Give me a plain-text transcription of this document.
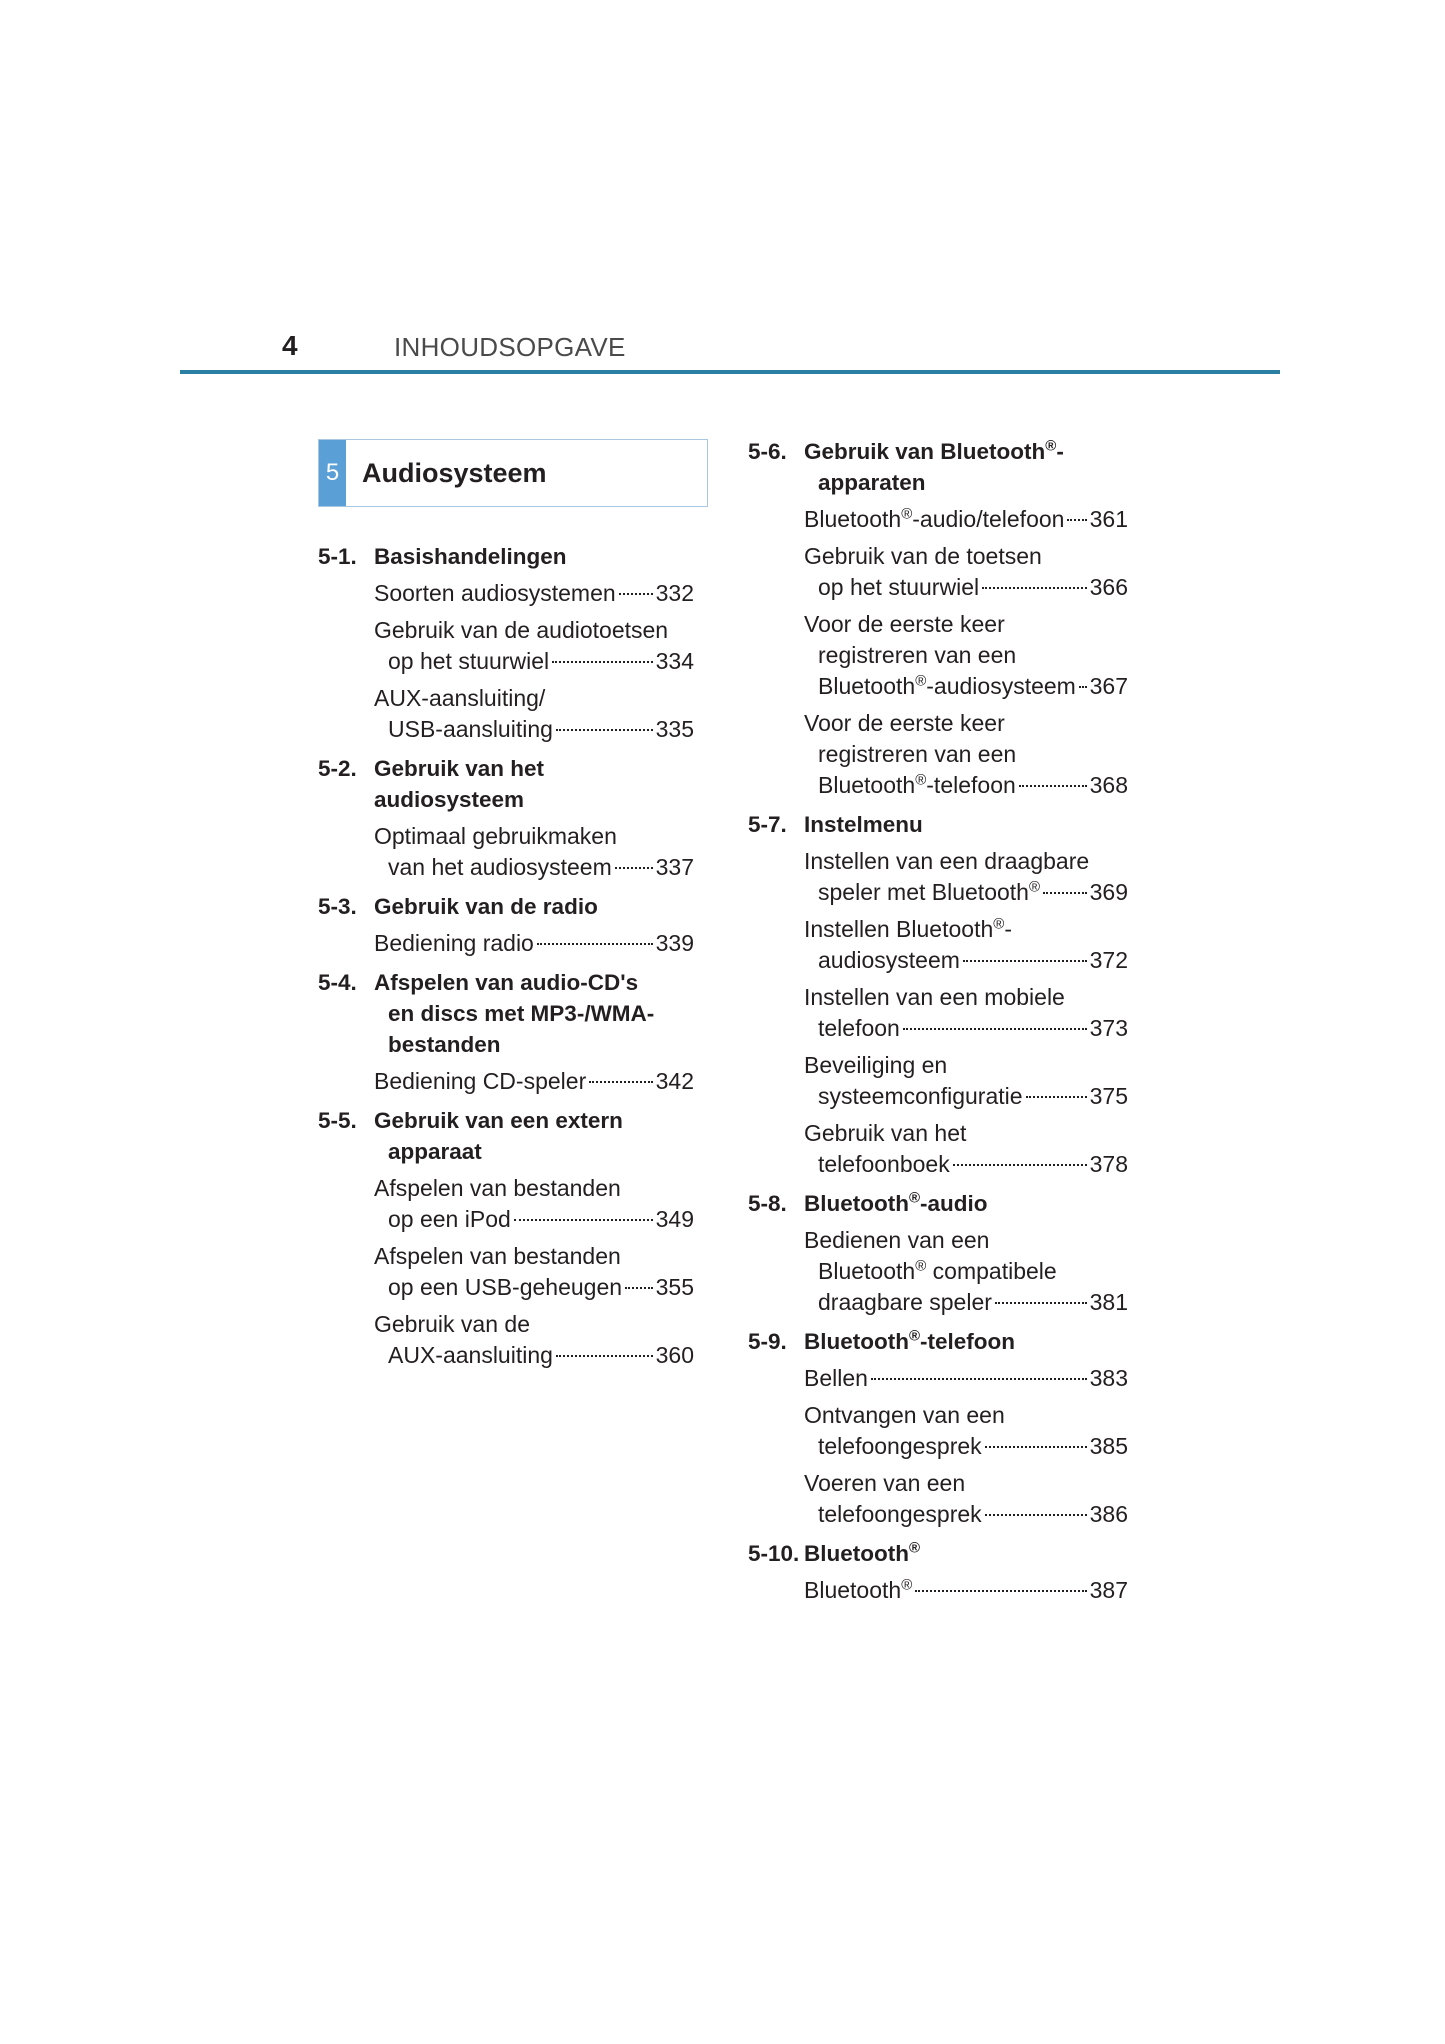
4	INHOUDSOPGAVE
5 Audiosysteem
5-1. Basishandelingen
Soorten audiosystemen 332
Gebruik van de audiotoetsen
op het stuurwiel	334
AUX-aansluiting/
USB-aansluiting	335
5-2. Gebruik van het audiosysteem
Optimaal gebruikmaken
van het audiosysteem 337
5-3. Gebruik van de radio
Bediening radio	339
5-4. Afspelen van audio-CD's
en discs met MP3-/WMA-
bestanden
Bediening CD-speler	342
5-5. Gebruik van een extern
apparaat
Afspelen van bestanden
op een iPod	349
Afspelen van bestanden
op een USB-geheugen 355
Gebruik van de
AUX-aansluiting	360
5-6. Gebruik van Bluetooth®-
apparaten
Bluetooth®-audio/telefoon 361
Gebruik van de toetsen
op het stuurwiel	366
Voor de eerste keer
registreren van een
Bluetooth®-audiosysteem 367
Voor de eerste keer
registreren van een
Bluetooth®-telefoon	368
5-7. Instelmenu
Instellen van een draagbare
speler met Bluetooth® 369
Instellen Bluetooth®-
audiosysteem	372
Instellen van een mobiele
telefoon	373
Beveiliging en
systeemconfiguratie	375
Gebruik van het
telefoonboek	378
5-8. Bluetooth®-audio
Bedienen van een
Bluetooth® compatibele
draagbare speler	381
5-9. Bluetooth®-telefoon
Bellen	383
Ontvangen van een
telefoongesprek	385
Voeren van een
telefoongesprek	386
5-10. Bluetooth®
Bluetooth®	387
